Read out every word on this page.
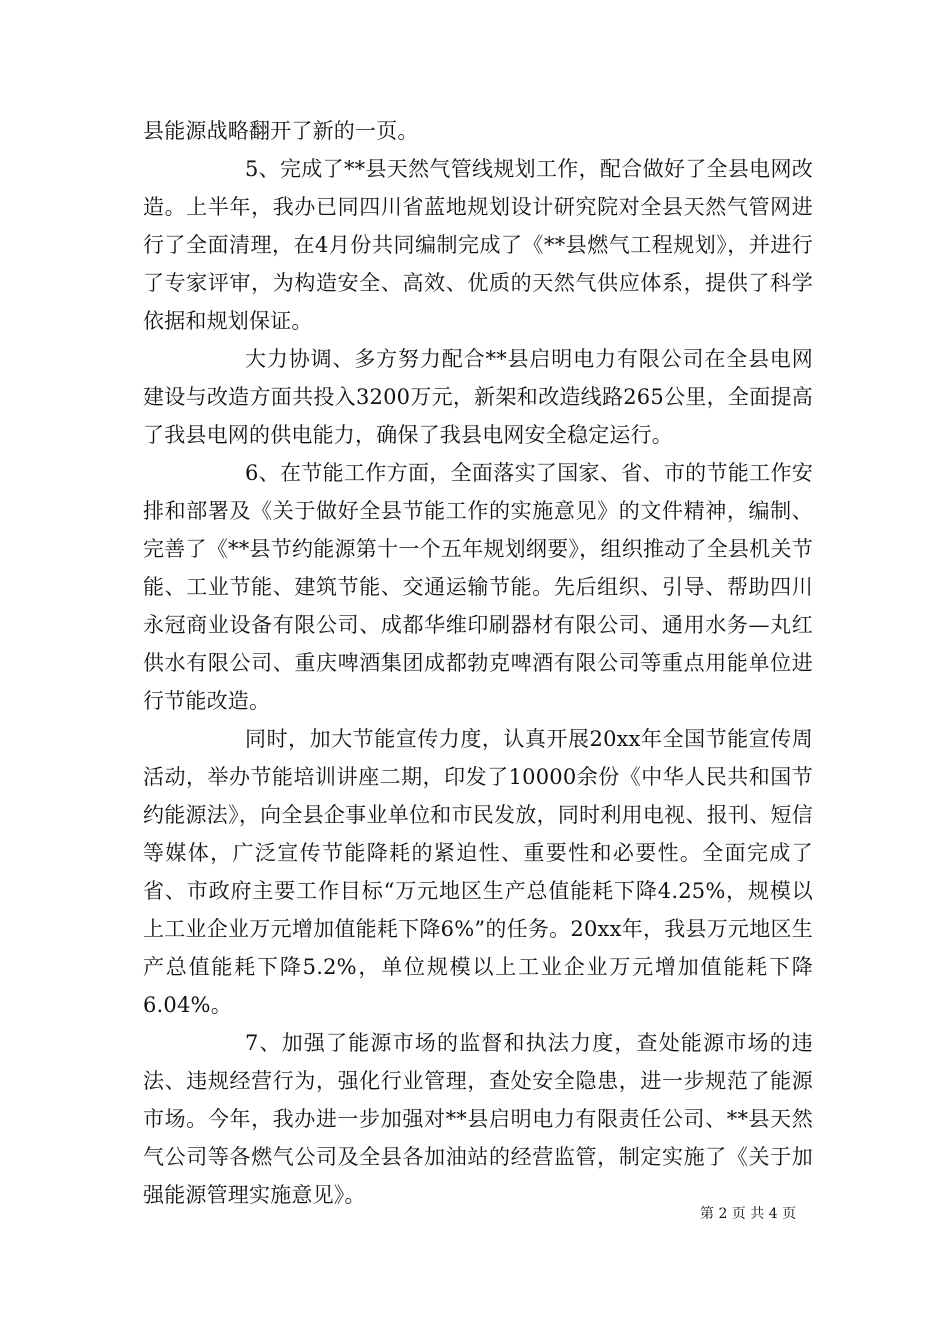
县能源战略翻开了新的一页。

5、完成了**县天然气管线规划工作，配合做好了全县电网改造。上半年，我办已同四川省蓝地规划设计研究院对全县天然气管网进行了全面清理，在4月份共同编制完成了《**县燃气工程规划》，并进行了专家评审，为构造安全、高效、优质的天然气供应体系，提供了科学依据和规划保证。

大力协调、多方努力配合**县启明电力有限公司在全县电网建设与改造方面共投入3200万元，新架和改造线路265公里，全面提高了我县电网的供电能力，确保了我县电网安全稳定运行。

6、在节能工作方面，全面落实了国家、省、市的节能工作安排和部署及《关于做好全县节能工作的实施意见》的文件精神，编制、完善了《**县节约能源第十一个五年规划纲要》，组织推动了全县机关节能、工业节能、建筑节能、交通运输节能。先后组织、引导、帮助四川永冠商业设备有限公司、成都华维印刷器材有限公司、通用水务—丸红供水有限公司、重庆啤酒集团成都勃克啤酒有限公司等重点用能单位进行节能改造。

同时，加大节能宣传力度，认真开展20xx年全国节能宣传周活动，举办节能培训讲座二期，印发了10000余份《中华人民共和国节约能源法》，向全县企事业单位和市民发放，同时利用电视、报刊、短信等媒体，广泛宣传节能降耗的紧迫性、重要性和必要性。全面完成了省、市政府主要工作目标“万元地区生产总值能耗下降4.25%，规模以上工业企业万元增加值能耗下降6%”的任务。20xx年，我县万元地区生产总值能耗下降5.2%，单位规模以上工业企业万元增加值能耗下降6.04%。

7、加强了能源市场的监督和执法力度，查处能源市场的违法、违规经营行为，强化行业管理，查处安全隐患，进一步规范了能源市场。今年，我办进一步加强对**县启明电力有限责任公司、**县天然气公司等各燃气公司及全县各加油站的经营监管，制定实施了《关于加强能源管理实施意见》。

第 2 页 共 4 页
